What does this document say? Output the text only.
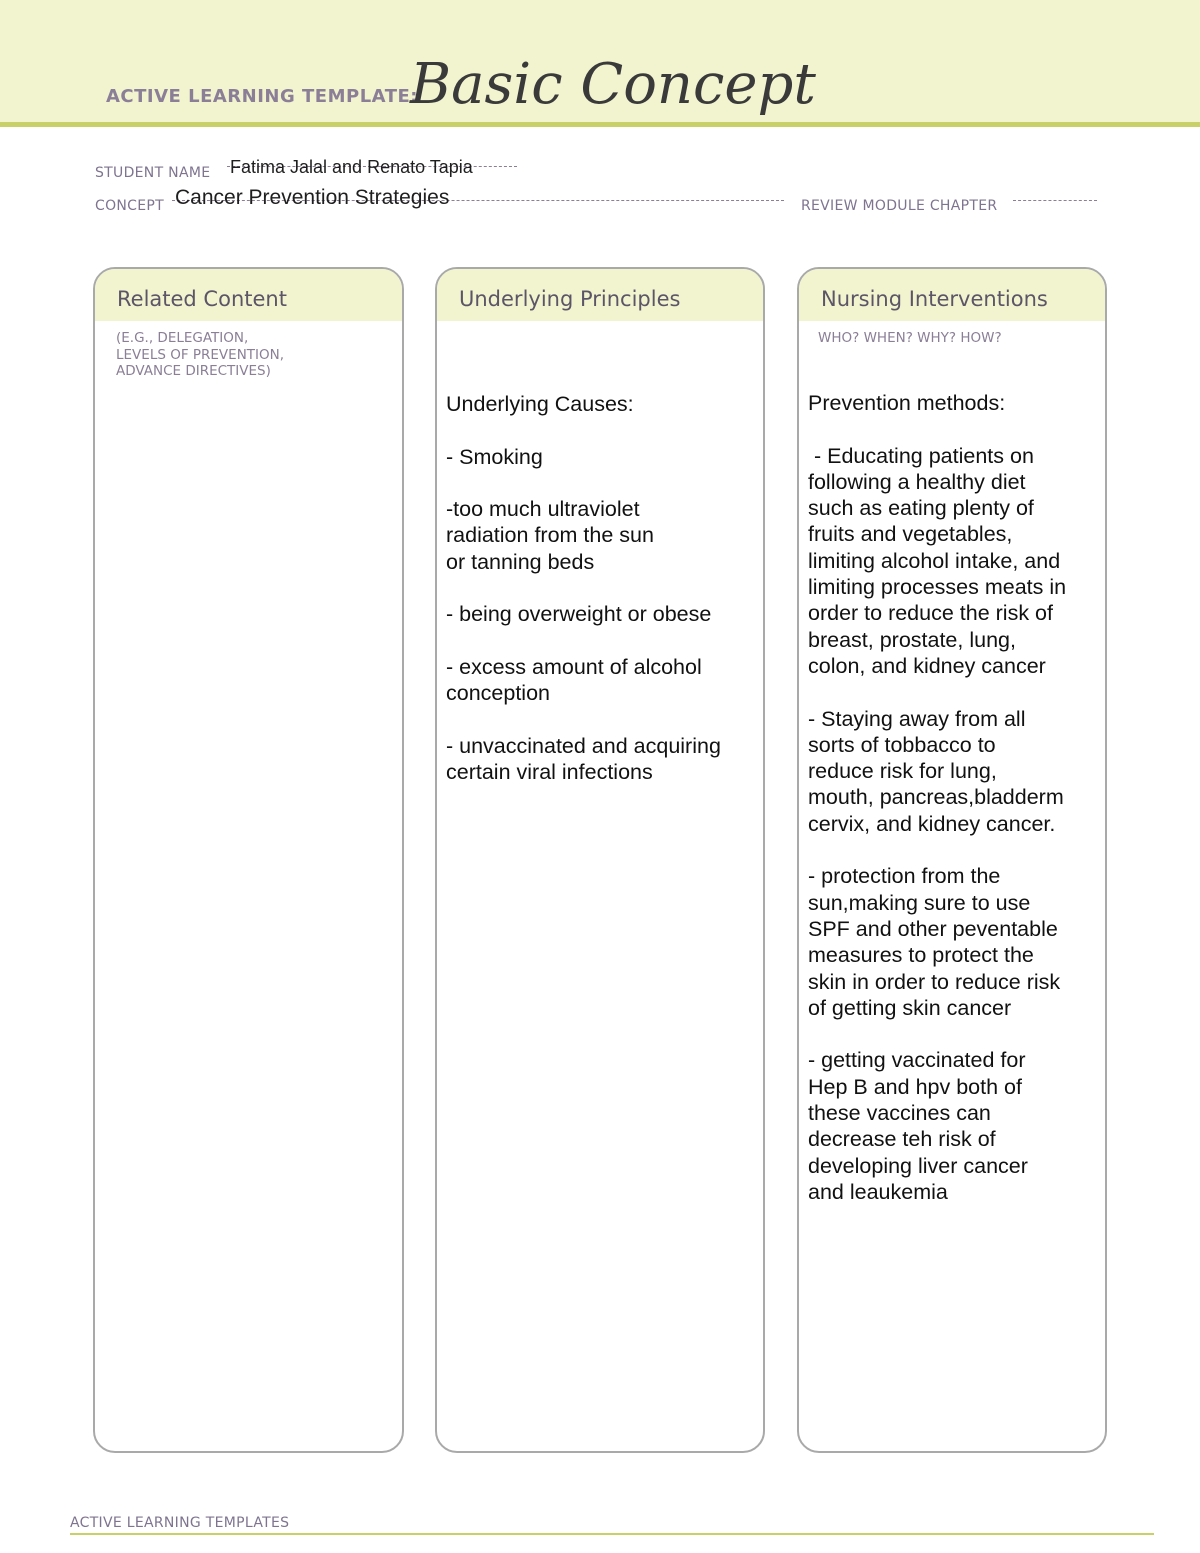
ACTIVE LEARNING TEMPLATE:
Basic Concept
STUDENT NAME Fatima Jalal and Renato Tapia
CONCEPT Cancer Prevention Strategies	REVIEW MODULE CHAPTER
Related Content
(E.G., DELEGATION,
LEVELS OF PREVENTION,
ADVANCE DIRECTIVES)
Underlying Principles

Underlying Causes:

- Smoking

-too much ultraviolet
radiation from the sun
or tanning beds

- being overweight or obese

- excess amount of alcohol
conception

- unvaccinated and acquiring
certain viral infections

Nursing Interventions
WHO? WHEN? WHY? HOW?

Prevention methods:

- Educating patients on
following a healthy diet
such as eating plenty of
fruits and vegetables,
limiting alcohol intake, and
limiting processes meats in
order to reduce the risk of
breast, prostate, lung,
colon, and kidney cancer

- Staying away from all
sorts of tobbacco to
reduce risk for lung,
mouth, pancreas,bladderm
cervix, and kidney cancer.

- protection from the
sun,making sure to use
SPF and other peventable
measures to protect the
skin in order to reduce risk
of getting skin cancer

- getting vaccinated for
Hep B and hpv both of
these vaccines can
decrease teh risk of
developing liver cancer
and leaukemia

ACTIVE LEARNING TEMPLATES
